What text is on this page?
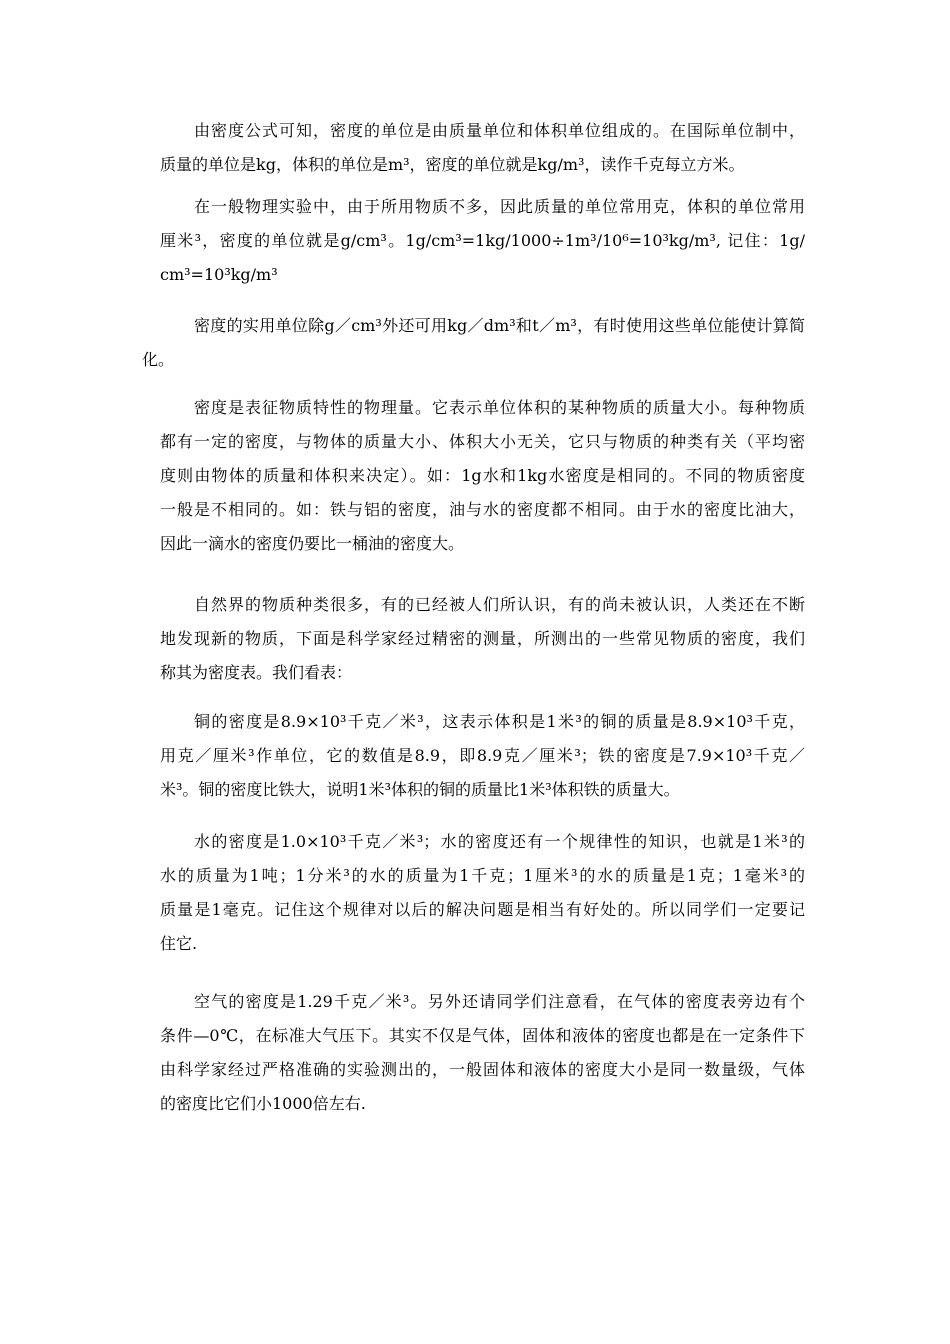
由密度公式可知，密度的单位是由质量单位和体积单位组成的。在国际单位制中，
质量的单位是kg，体积的单位是m³，密度的单位就是kg/m³，读作千克每立方米。
在一般物理实验中，由于所用物质不多，因此质量的单位常用克，体积的单位常用
厘米³，密度的单位就是g/cm³。1g/cm³=1kg/1000÷1m³/10⁶=10³kg/m³, 记住：1g/
cm³=10³kg/m³
密度的实用单位除g／cm³外还可用kg／dm³和t／m³，有时使用这些单位能使计算简
化。
密度是表征物质特性的物理量。它表示单位体积的某种物质的质量大小。每种物质
都有一定的密度，与物体的质量大小、体积大小无关，它只与物质的种类有关（平均密
度则由物体的质量和体积来决定）。如：1g水和1kg水密度是相同的。不同的物质密度
一般是不相同的。如：铁与铝的密度，油与水的密度都不相同。由于水的密度比油大，
因此一滴水的密度仍要比一桶油的密度大。
自然界的物质种类很多，有的已经被人们所认识，有的尚未被认识，人类还在不断
地发现新的物质，下面是科学家经过精密的测量，所测出的一些常见物质的密度，我们
称其为密度表。我们看表：
铜的密度是8.9×10³千克／米³，这表示体积是1米³的铜的质量是8.9×10³千克，
用克／厘米³作单位，它的数值是8.9，即8.9克／厘米³；铁的密度是7.9×10³千克／
米³。铜的密度比铁大，说明1米³体积的铜的质量比1米³体积铁的质量大。
水的密度是1.0×10³千克／米³；水的密度还有一个规律性的知识，也就是1米³的
水的质量为1吨；1分米³的水的质量为1千克；1厘米³的水的质量是1克；1毫米³的
质量是1毫克。记住这个规律对以后的解决问题是相当有好处的。所以同学们一定要记
住它.
空气的密度是1.29千克／米³。另外还请同学们注意看，在气体的密度表旁边有个
条件—0℃，在标准大气压下。其实不仅是气体，固体和液体的密度也都是在一定条件下
由科学家经过严格准确的实验测出的，一般固体和液体的密度大小是同一数量级，气体
的密度比它们小1000倍左右.
